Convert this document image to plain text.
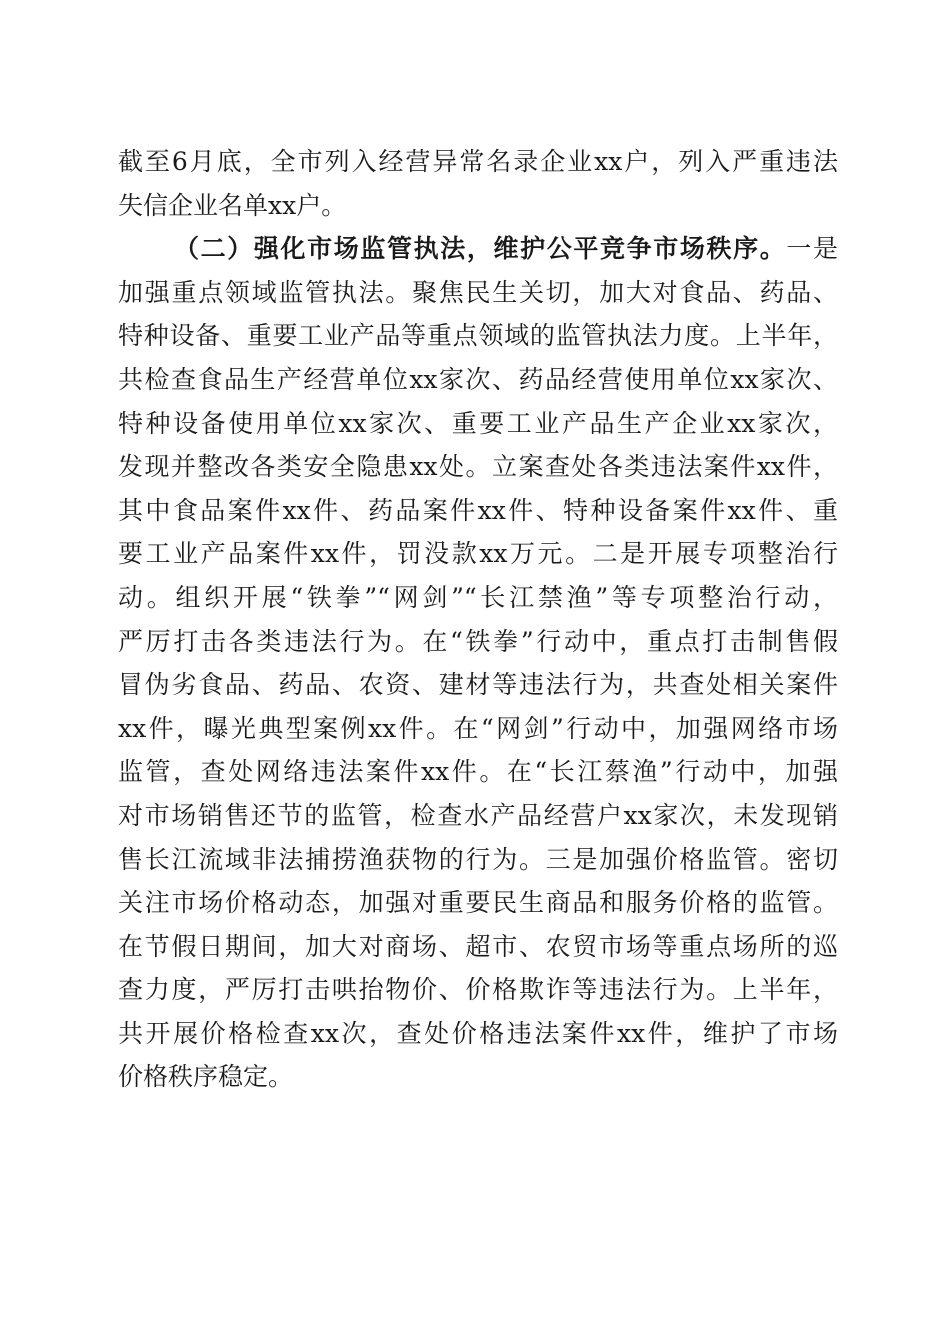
截至6月底，全市列入经营异常名录企业xx户，列入严重违法
失信企业名单xx户。
（二）强化市场监管执法，维护公平竞争市场秩序。一是
加强重点领域监管执法。聚焦民生关切，加大对食品、药品、
特种设备、重要工业产品等重点领域的监管执法力度。上半年，
共检查食品生产经营单位xx家次、药品经营使用单位xx家次、
特种设备使用单位xx家次、重要工业产品生产企业xx家次，
发现并整改各类安全隐患xx处。立案查处各类违法案件xx件，
其中食品案件xx件、药品案件xx件、特种设备案件xx件、重
要工业产品案件xx件，罚没款xx万元。二是开展专项整治行
动。组织开展“铁拳”“网剑”“长江禁渔”等专项整治行动，
严厉打击各类违法行为。在“铁拳”行动中，重点打击制售假
冒伪劣食品、药品、农资、建材等违法行为，共查处相关案件
xx件，曝光典型案例xx件。在“网剑”行动中，加强网络市场
监管，查处网络违法案件xx件。在“长江蔡渔”行动中，加强
对市场销售还节的监管，检查水产品经营户xx家次，未发现销
售长江流域非法捕捞渔获物的行为。三是加强价格监管。密切
关注市场价格动态，加强对重要民生商品和服务价格的监管。
在节假日期间，加大对商场、超市、农贸市场等重点场所的巡
查力度，严厉打击哄抬物价、价格欺诈等违法行为。上半年，
共开展价格检查xx次，查处价格违法案件xx件，维护了市场
价格秩序稳定。
